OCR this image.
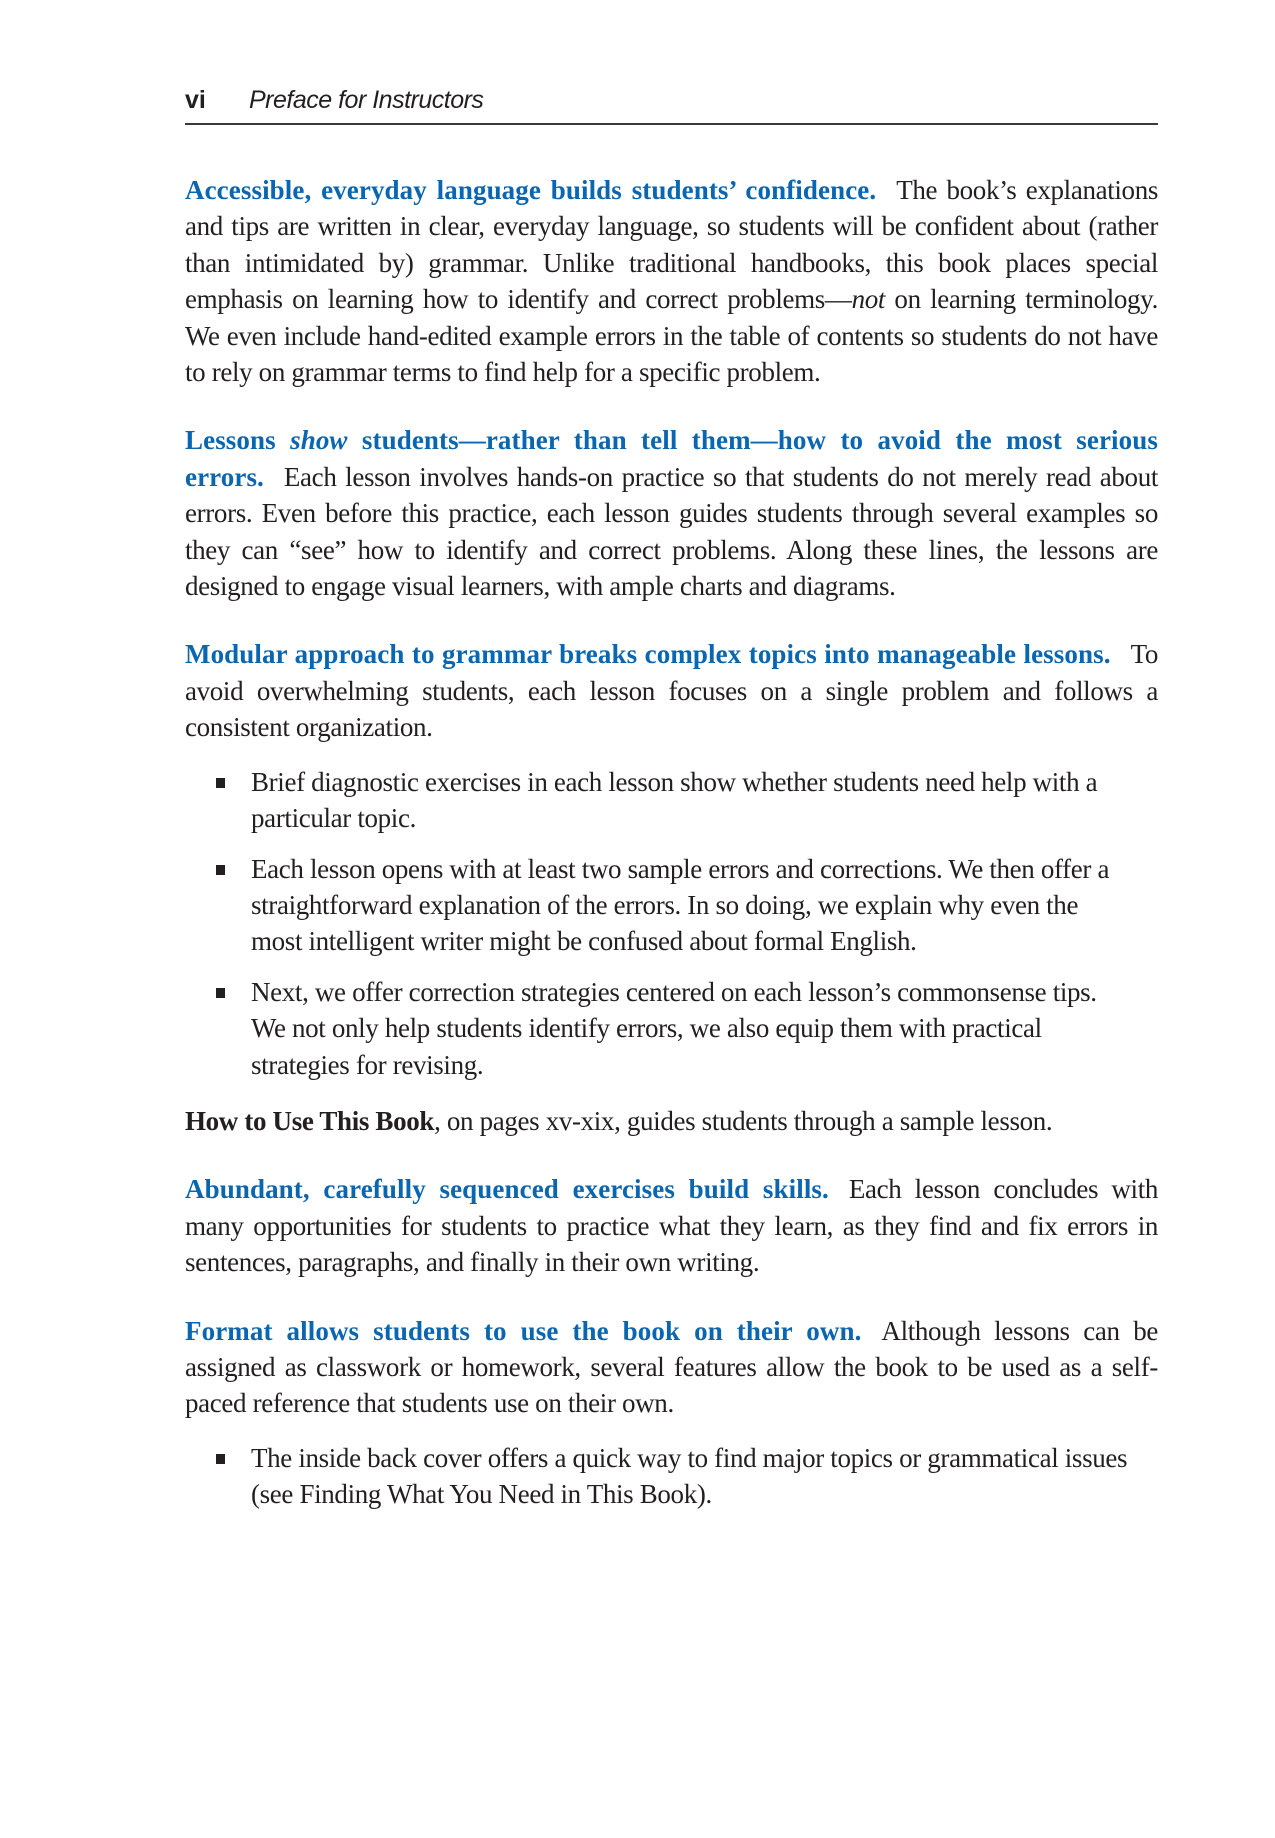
vi Preface for Instructors

Accessible, everyday language builds students’ confidence. The book’s explanations and tips are written in clear, everyday language, so students will be confident about (rather than intimidated by) grammar. Unlike traditional handbooks, this book places special emphasis on learning how to identify and correct problems—not on learning terminology. We even include hand-edited example errors in the table of contents so students do not have to rely on grammar terms to find help for a specific problem.

Lessons show students—rather than tell them—how to avoid the most serious errors. Each lesson involves hands-on practice so that students do not merely read about errors. Even before this practice, each lesson guides students through several examples so they can “see” how to identify and correct problems. Along these lines, the lessons are designed to engage visual learners, with ample charts and diagrams.

Modular approach to grammar breaks complex topics into manageable lessons. To avoid overwhelming students, each lesson focuses on a single problem and follows a consistent organization.

Brief diagnostic exercises in each lesson show whether students need help with a particular topic.
Each lesson opens with at least two sample errors and corrections. We then offer a straightforward explanation of the errors. In so doing, we explain why even the most intelligent writer might be confused about formal English.
Next, we offer correction strategies centered on each lesson’s commonsense tips. We not only help students identify errors, we also equip them with practical strategies for revising.

How to Use This Book, on pages xv-xix, guides students through a sample lesson.

Abundant, carefully sequenced exercises build skills. Each lesson concludes with many opportunities for students to practice what they learn, as they find and fix errors in sentences, paragraphs, and finally in their own writing.

Format allows students to use the book on their own. Although lessons can be assigned as classwork or homework, several features allow the book to be used as a self-paced reference that students use on their own.

The inside back cover offers a quick way to find major topics or grammatical issues (see Finding What You Need in This Book).
